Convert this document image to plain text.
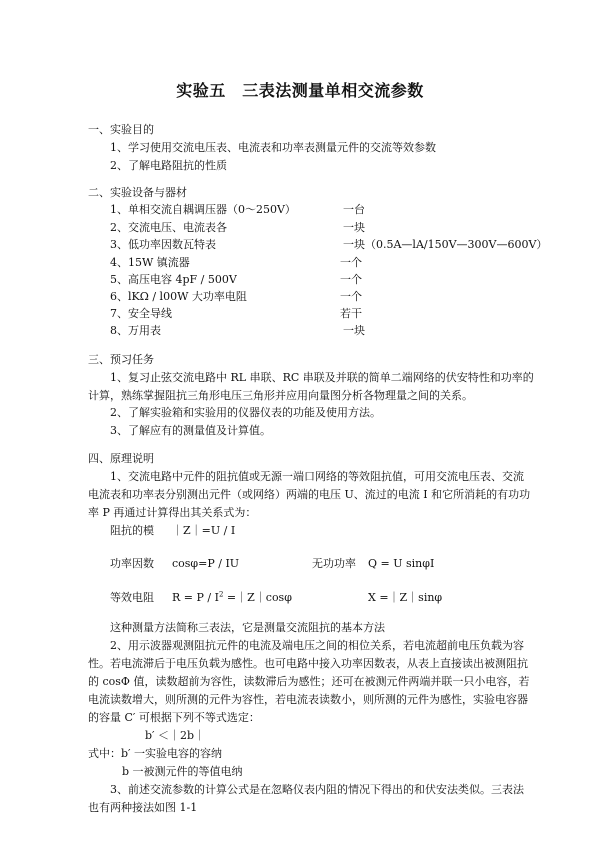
实验五　三表法测量单相交流参数
一、实验目的
1、学习使用交流电压表、电流表和功率表测量元件的交流等效参数
2、了解电路阻抗的性质
二、实验设备与器材
1、单相交流自耦调压器（0～250V）	一台
2、交流电压、电流表各	一块
3、低功率因数瓦特表	一块（0.5A—lA/150V—300V—600V）
4、15W 镇流器	一个
5、高压电容 4pF / 500V	一个
6、lKΩ / l00W 大功率电阻	一个
7、安全导线	若干
8、万用表	一块
三、预习任务
1、复习止弦交流电路中 RL 串联、RC 串联及并联的简单二端网络的伏安特性和功率的
计算，熟练掌握阻抗三角形电压三角形并应用向量图分析各物理量之间的关系。
2、了解实验箱和实验用的仪器仪表的功能及使用方法。
3、了解应有的测量值及计算值。
四、原理说明
1、交流电路中元件的阻抗值或无源一端口网络的等效阻抗值，可用交流电压表、交流
电流表和功率表分别测出元件（或网络）两端的电压 U、流过的电流 I 和它所消耗的有功功
率 P 再通过计算得出其关系式为：
阻抗的模 ｜Z｜=U / I
功率因数 cosφ=P / IU	无功功率 Q = U sinφI
等效电阻 $R = P / I^2$ =｜Z｜cosφ	X =｜Z｜sinφ
这种测量方法简称三表法，它是测量交流阻抗的基本方法
2、用示波器观测阻抗元件的电流及端电压之间的相位关系，若电流超前电压负载为容
性。若电流滞后于电压负载为感性。也可电路中接入功率因数表，从表上直接读出被测阻抗
的 cosΦ 值，读数超前为容性，读数滞后为感性；还可在被测元件两端并联一只小电容，若
电流读数增大，则所测的元件为容性，若电流表读数小，则所测的元件为感性，实验电容器
的容量 C′ 可根据下列不等式选定：
b′ ＜｜2b｜
式中：b′ 一实验电容的容纳
b 一被测元件的等值电纳
3、前述交流参数的计算公式是在忽略仪表内阻的情况下得出的和伏安法类似。三表法
也有两种接法如图 1-1
